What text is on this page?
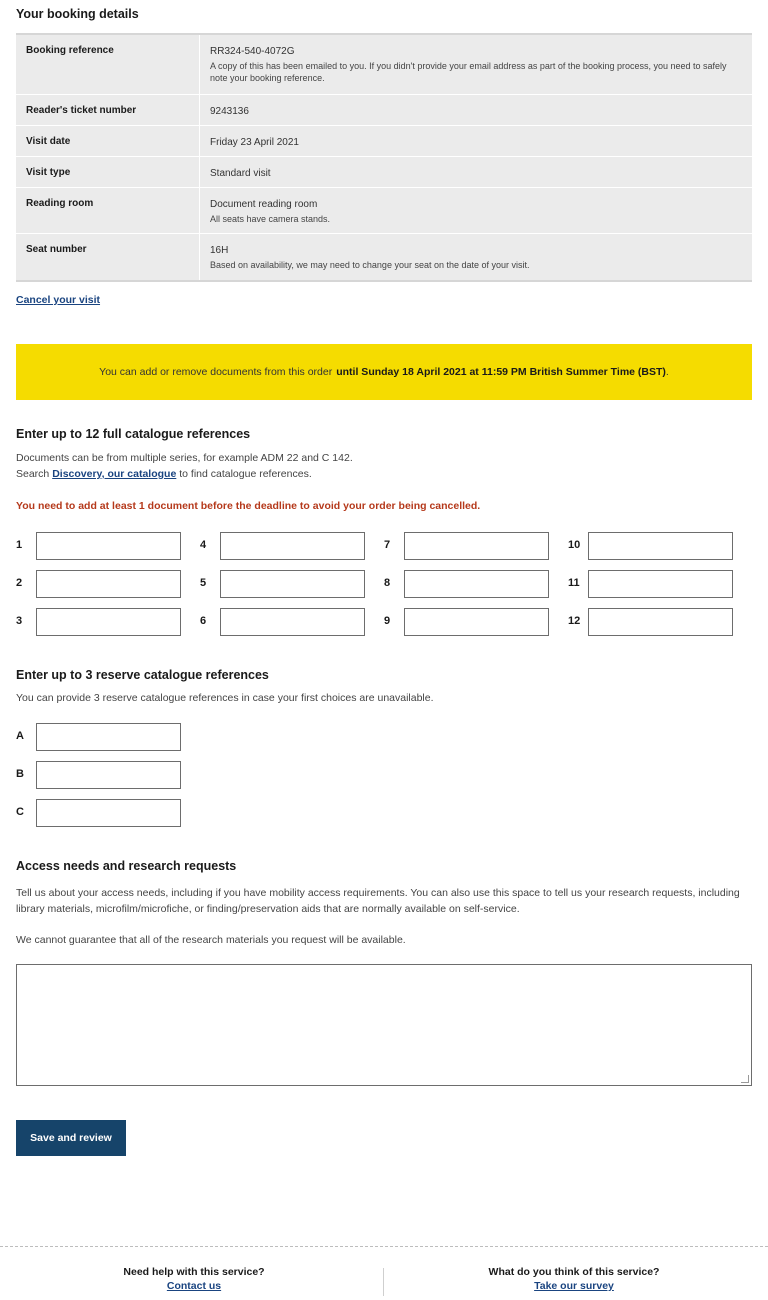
Your booking details
Booking reference	RR324-540-4072G
A copy of this has been emailed to you. If you didn't provide your email address as part of the booking process, you need to safely note your booking reference.
Reader's ticket number	9243136
Visit date	Friday 23 April 2021
Visit type	Standard visit
Reading room	Document reading room
All seats have camera stands.
Seat number	16H
Based on availability, we may need to change your seat on the date of your visit.
Cancel your visit
You can add or remove documents from this order until Sunday 18 April 2021 at 11:59 PM British Summer Time (BST) .
Enter up to 12 full catalogue references
Documents can be from multiple series, for example ADM 22 and C 142.
Search Discovery, our catalogue to find catalogue references.
You need to add at least 1 document before the deadline to avoid your order being cancelled.
1
2
3
4
5
6
7
8
9
10
11
12
Enter up to 3 reserve catalogue references
You can provide 3 reserve catalogue references in case your first choices are unavailable.
A
B
C
Access needs and research requests
Tell us about your access needs, including if you have mobility access requirements. You can also use this space to tell us your research requests, including library materials, microfilm/microfiche, or finding/preservation aids that are normally available on self-service.
We cannot guarantee that all of the research materials you request will be available.
Save and review
Need help with this service?
Contact us
What do you think of this service?
Take our survey
